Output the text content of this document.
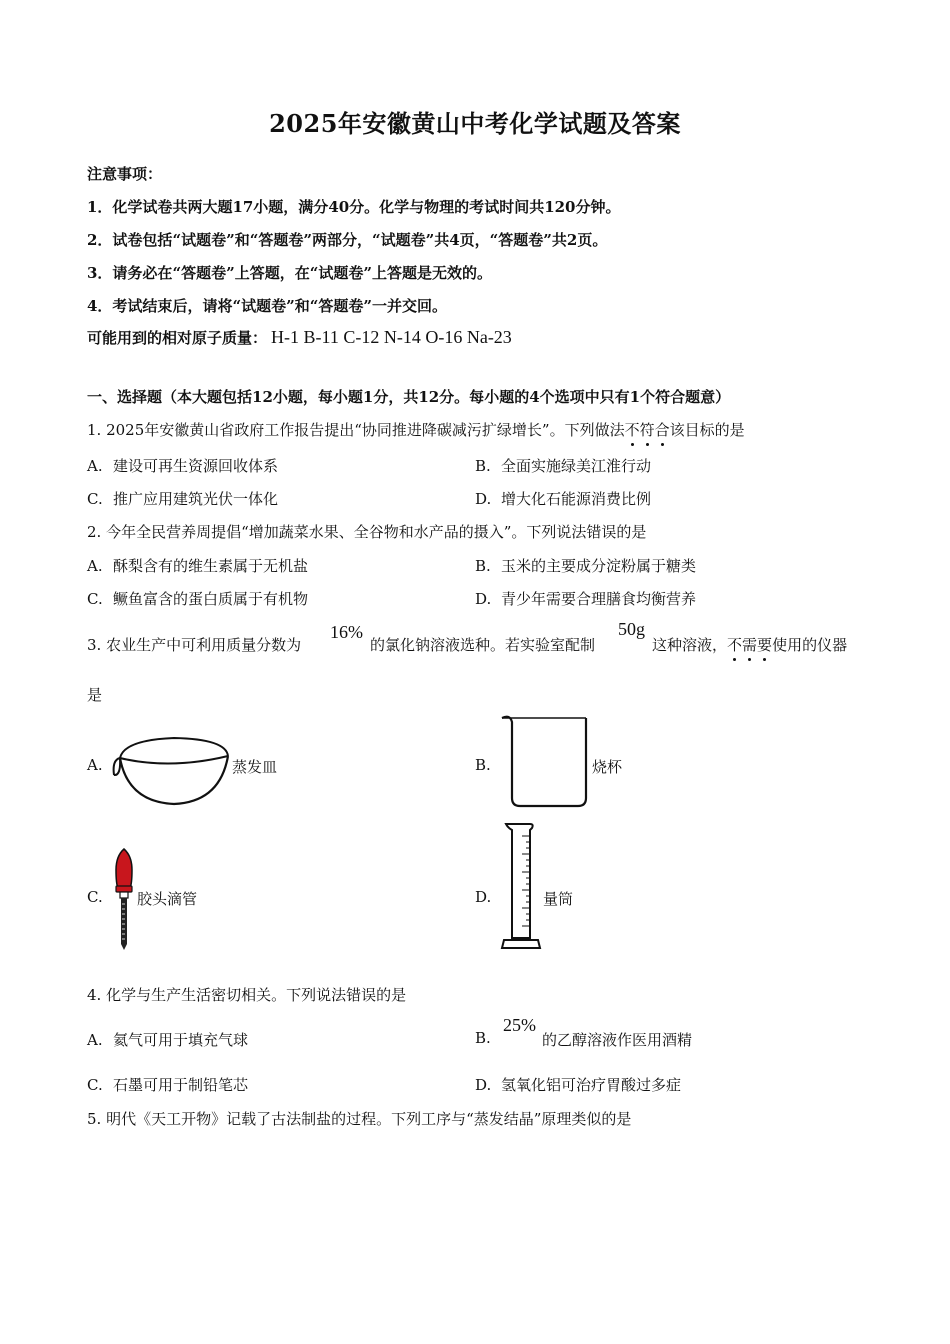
2025年安徽黄山中考化学试题及答案
注意事项：
1．化学试卷共两大题17小题，满分40分。化学与物理的考试时间共120分钟。
2．试卷包括“试题卷”和“答题卷”两部分，“试题卷”共4页，“答题卷”共2页。
3．请务必在“答题卷”上答题，在“试题卷”上答题是无效的。
4．考试结束后，请将“试题卷”和“答题卷”一并交回。
可能用到的相对原子质量： H-1 B-11 C-12 N-14 O-16 Na-23
一、选择题（本大题包括12小题，每小题1分，共12分。每小题的4个选项中只有1个符合题意）
1. 2025年安徽黄山省政府工作报告提出“协同推进降碳减污扩绿增长”。下列做法不符合该目标的是
A. 建设可再生资源回收体系	B. 全面实施绿美江淮行动
C. 推广应用建筑光伏一体化	D. 增大化石能源消费比例
2. 今年全民营养周提倡“增加蔬菜水果、全谷物和水产品的摄入”。下列说法错误的是
A. 酥梨含有的维生素属于无机盐	B. 玉米的主要成分淀粉属于糖类
C. 鳜鱼富含的蛋白质属于有机物	D. 青少年需要合理膳食均衡营养
3. 农业生产中可利用质量分数为
16%
的氯化钠溶液选种。若实验室配制
50g
这种溶液，不需要使用的仪器
是
A.	蒸发皿	B.	烧杯
C. 胶头滴管	D.	量筒
4. 化学与生产生活密切相关。下列说法错误的是
A. 氦气可用于填充气球	B.
25%
的乙醇溶液作医用酒精
C. 石墨可用于制铅笔芯	D. 氢氧化铝可治疗胃酸过多症
5. 明代《天工开物》记载了古法制盐的过程。下列工序与“蒸发结晶”原理类似的是
